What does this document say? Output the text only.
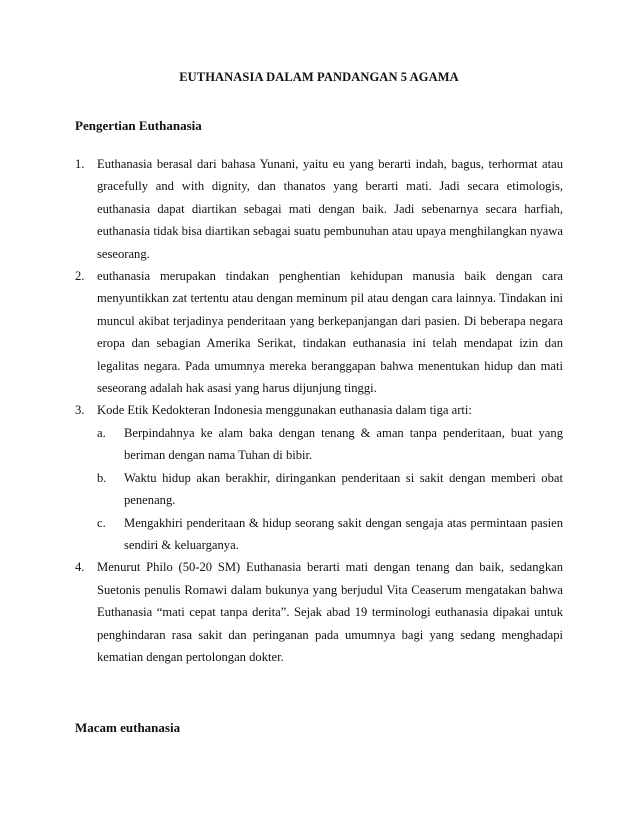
EUTHANASIA DALAM PANDANGAN 5 AGAMA
Pengertian Euthanasia
1. Euthanasia berasal dari bahasa Yunani, yaitu eu yang berarti indah, bagus, terhormat atau gracefully and with dignity, dan thanatos yang berarti mati. Jadi secara etimologis, euthanasia dapat diartikan sebagai mati dengan baik. Jadi sebenarnya secara harfiah, euthanasia tidak bisa diartikan sebagai suatu pembunuhan atau upaya menghilangkan nyawa seseorang.
2. euthanasia merupakan tindakan penghentian kehidupan manusia baik dengan cara menyuntikkan zat tertentu atau dengan meminum pil atau dengan cara lainnya. Tindakan ini muncul akibat terjadinya penderitaan yang berkepanjangan dari pasien. Di beberapa negara eropa dan sebagian Amerika Serikat, tindakan euthanasia ini telah mendapat izin dan legalitas negara. Pada umumnya mereka beranggapan bahwa menentukan hidup dan mati seseorang adalah hak asasi yang harus dijunjung tinggi.
3. Kode Etik Kedokteran Indonesia menggunakan euthanasia dalam tiga arti:
a. Berpindahnya ke alam baka dengan tenang & aman tanpa penderitaan, buat yang beriman dengan nama Tuhan di bibir.
b. Waktu hidup akan berakhir, diringankan penderitaan si sakit dengan memberi obat penenang.
c. Mengakhiri penderitaan & hidup seorang sakit dengan sengaja atas permintaan pasien sendiri & keluarganya.
4. Menurut Philo (50-20 SM) Euthanasia berarti mati dengan tenang dan baik, sedangkan Suetonis penulis Romawi dalam bukunya yang berjudul Vita Ceaserum mengatakan bahwa Euthanasia “mati cepat tanpa derita”. Sejak abad 19 terminologi euthanasia dipakai untuk penghindaran rasa sakit dan peringanan pada umumnya bagi yang sedang menghadapi kematian dengan pertolongan dokter.
Macam euthanasia
